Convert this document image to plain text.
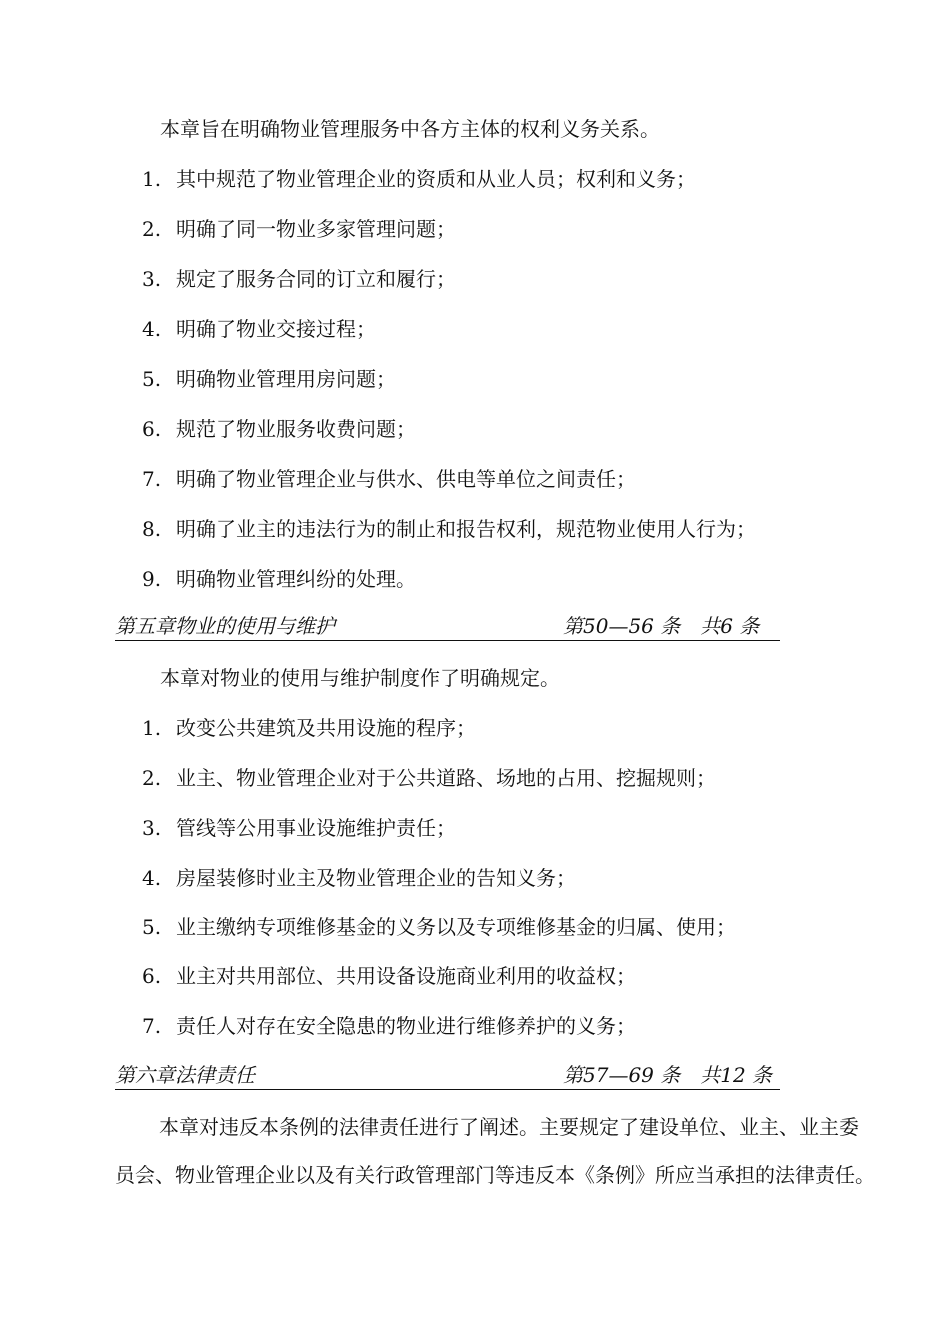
本章旨在明确物业管理服务中各方主体的权利义务关系。
1. 其中规范了物业管理企业的资质和从业人员；权利和义务；
2. 明确了同一物业多家管理问题；
3. 规定了服务合同的订立和履行；
4. 明确了物业交接过程；
5. 明确物业管理用房问题；
6. 规范了物业服务收费问题；
7. 明确了物业管理企业与供水、供电等单位之间责任；
8. 明确了业主的违法行为的制止和报告权利，规范物业使用人行为；
9. 明确物业管理纠纷的处理。
第五章物业的使用与维护	第50—56 条　共6 条
本章对物业的使用与维护制度作了明确规定。
1. 改变公共建筑及共用设施的程序；
2. 业主、物业管理企业对于公共道路、场地的占用、挖掘规则；
3. 管线等公用事业设施维护责任；
4. 房屋装修时业主及物业管理企业的告知义务；
5. 业主缴纳专项维修基金的义务以及专项维修基金的归属、使用；
6. 业主对共用部位、共用设备设施商业利用的收益权；
7. 责任人对存在安全隐患的物业进行维修养护的义务；
第六章法律责任	第57—69 条　共12 条
本章对违反本条例的法律责任进行了阐述。主要规定了建设单位、业主、业主委员会、物业管理企业以及有关行政管理部门等违反本《条例》所应当承担的法律责任。
